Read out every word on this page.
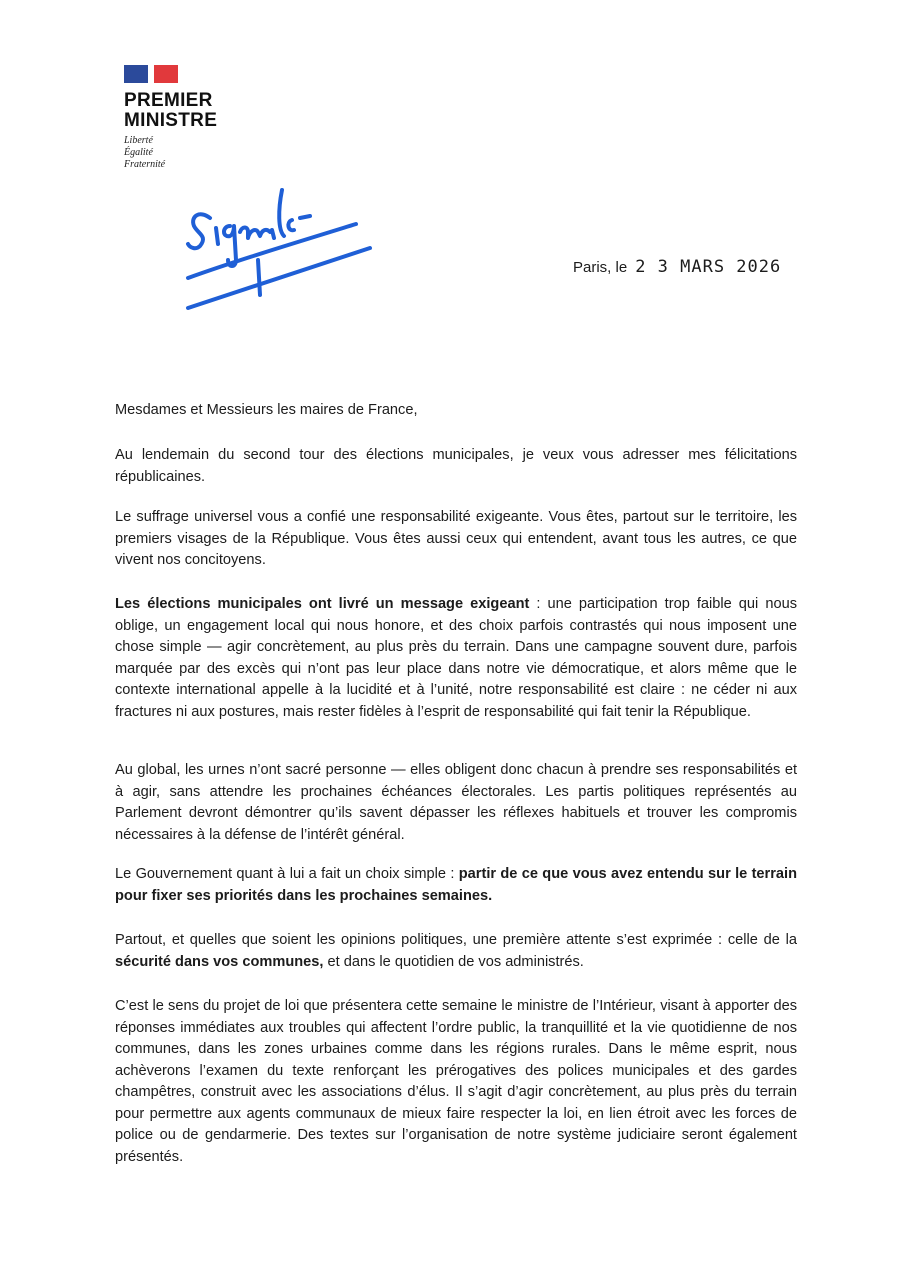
PREMIER
MINISTRE
Liberté
Égalité
Fraternité
Paris, le 2 3 MARS 2026

Mesdames et Messieurs les maires de France,

Au lendemain du second tour des élections municipales, je veux vous adresser mes félicitations républicaines.

Le suffrage universel vous a confié une responsabilité exigeante. Vous êtes, partout sur le territoire, les premiers visages de la République. Vous êtes aussi ceux qui entendent, avant tous les autres, ce que vivent nos concitoyens.

Les élections municipales ont livré un message exigeant : une participation trop faible qui nous oblige, un engagement local qui nous honore, et des choix parfois contrastés qui nous imposent une chose simple — agir concrètement, au plus près du terrain. Dans une campagne souvent dure, parfois marquée par des excès qui n’ont pas leur place dans notre vie démocratique, et alors même que le contexte international appelle à la lucidité et à l’unité, notre responsabilité est claire : ne céder ni aux fractures ni aux postures, mais rester fidèles à l’esprit de responsabilité qui fait tenir la République.

Au global, les urnes n’ont sacré personne — elles obligent donc chacun à prendre ses responsabilités et à agir, sans attendre les prochaines échéances électorales. Les partis politiques représentés au Parlement devront démontrer qu’ils savent dépasser les réflexes habituels et trouver les compromis nécessaires à la défense de l’intérêt général.

Le Gouvernement quant à lui a fait un choix simple : partir de ce que vous avez entendu sur le terrain pour fixer ses priorités dans les prochaines semaines.

Partout, et quelles que soient les opinions politiques, une première attente s’est exprimée : celle de la sécurité dans vos communes, et dans le quotidien de vos administrés.

C’est le sens du projet de loi que présentera cette semaine le ministre de l’Intérieur, visant à apporter des réponses immédiates aux troubles qui affectent l’ordre public, la tranquillité et la vie quotidienne de nos communes, dans les zones urbaines comme dans les régions rurales. Dans le même esprit, nous achèverons l’examen du texte renforçant les prérogatives des polices municipales et des gardes champêtres, construit avec les associations d’élus. Il s’agit d’agir concrètement, au plus près du terrain pour permettre aux agents communaux de mieux faire respecter la loi, en lien étroit avec les forces de police ou de gendarmerie. Des textes sur l’organisation de notre système judiciaire seront également présentés.
